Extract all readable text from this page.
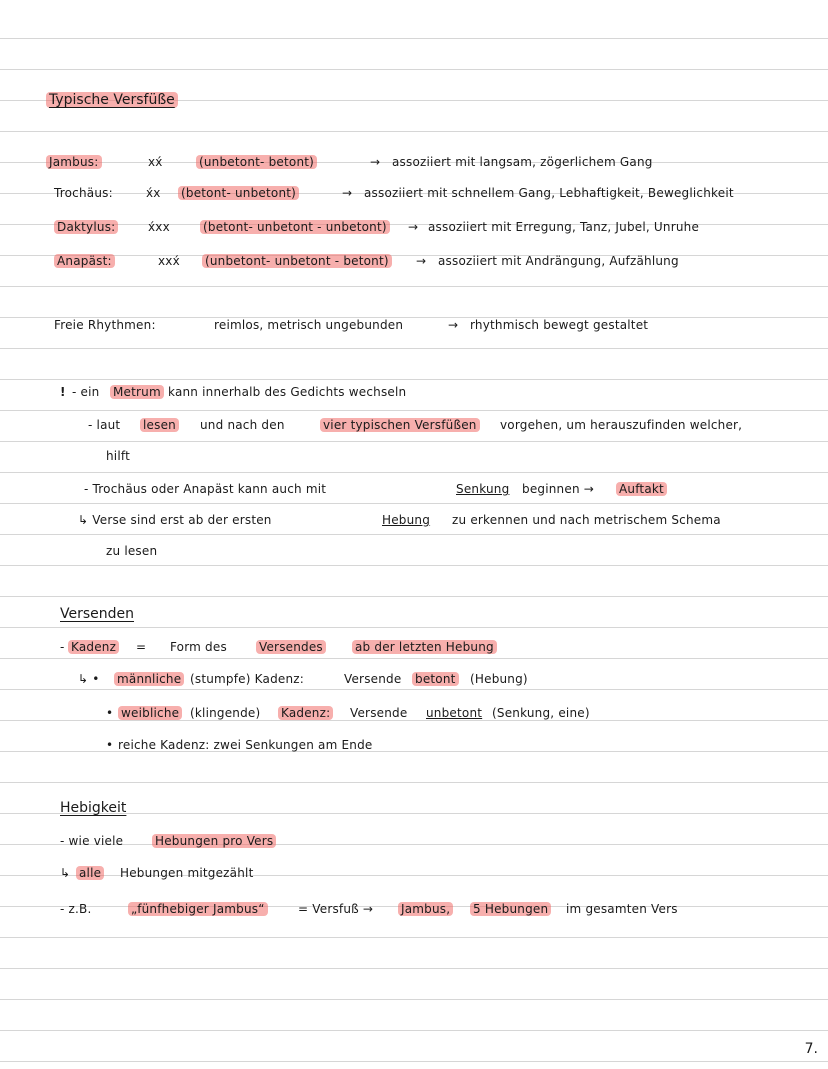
Typische Versfüße
Jambus:	xx́	(unbetont- betont)	→ assoziiert mit langsam, zögerlichem Gang
Trochäus:	x́x (betont- unbetont)	→ assoziiert mit schnellem Gang, Lebhaftigkeit, Beweglichkeit
Daktylus:	x́xx	(betont- unbetont - unbetont) → assoziiert mit Erregung, Tanz, Jubel, Unruhe
Anapäst:	xxx́ (unbetont- unbetont - betont) → assoziiert mit Andrängung, Aufzählung
Freie Rhythmen:	reimlos, metrisch ungebunden	→ rhythmisch bewegt gestaltet
! - ein Metrum kann innerhalb des Gedichts wechseln
- laut lesen und nach den	vier typischen Versfüßen vorgehen, um herauszufinden welcher,
hilft
- Trochäus oder Anapäst kann auch mit	Senkung beginnen → Auftakt
↳ Verse sind erst ab der ersten	Hebung zu erkennen und nach metrischem Schema
zu lesen
Versenden
- Kadenz = Form des	Versendes	ab der letzten Hebung
↳ • männliche (stumpfe) Kadenz:	Versende betont (Hebung)
• weibliche (klingende) Kadenz: Versende unbetont (Senkung, eine)
• reiche Kadenz: zwei Senkungen am Ende
Hebigkeit
- wie viele	Hebungen pro Vers
↳ alle Hebungen mitgezählt
- z.B.	„fünfhebiger Jambus“	= Versfuß → Jambus, 5 Hebungen im gesamten Vers
7.
